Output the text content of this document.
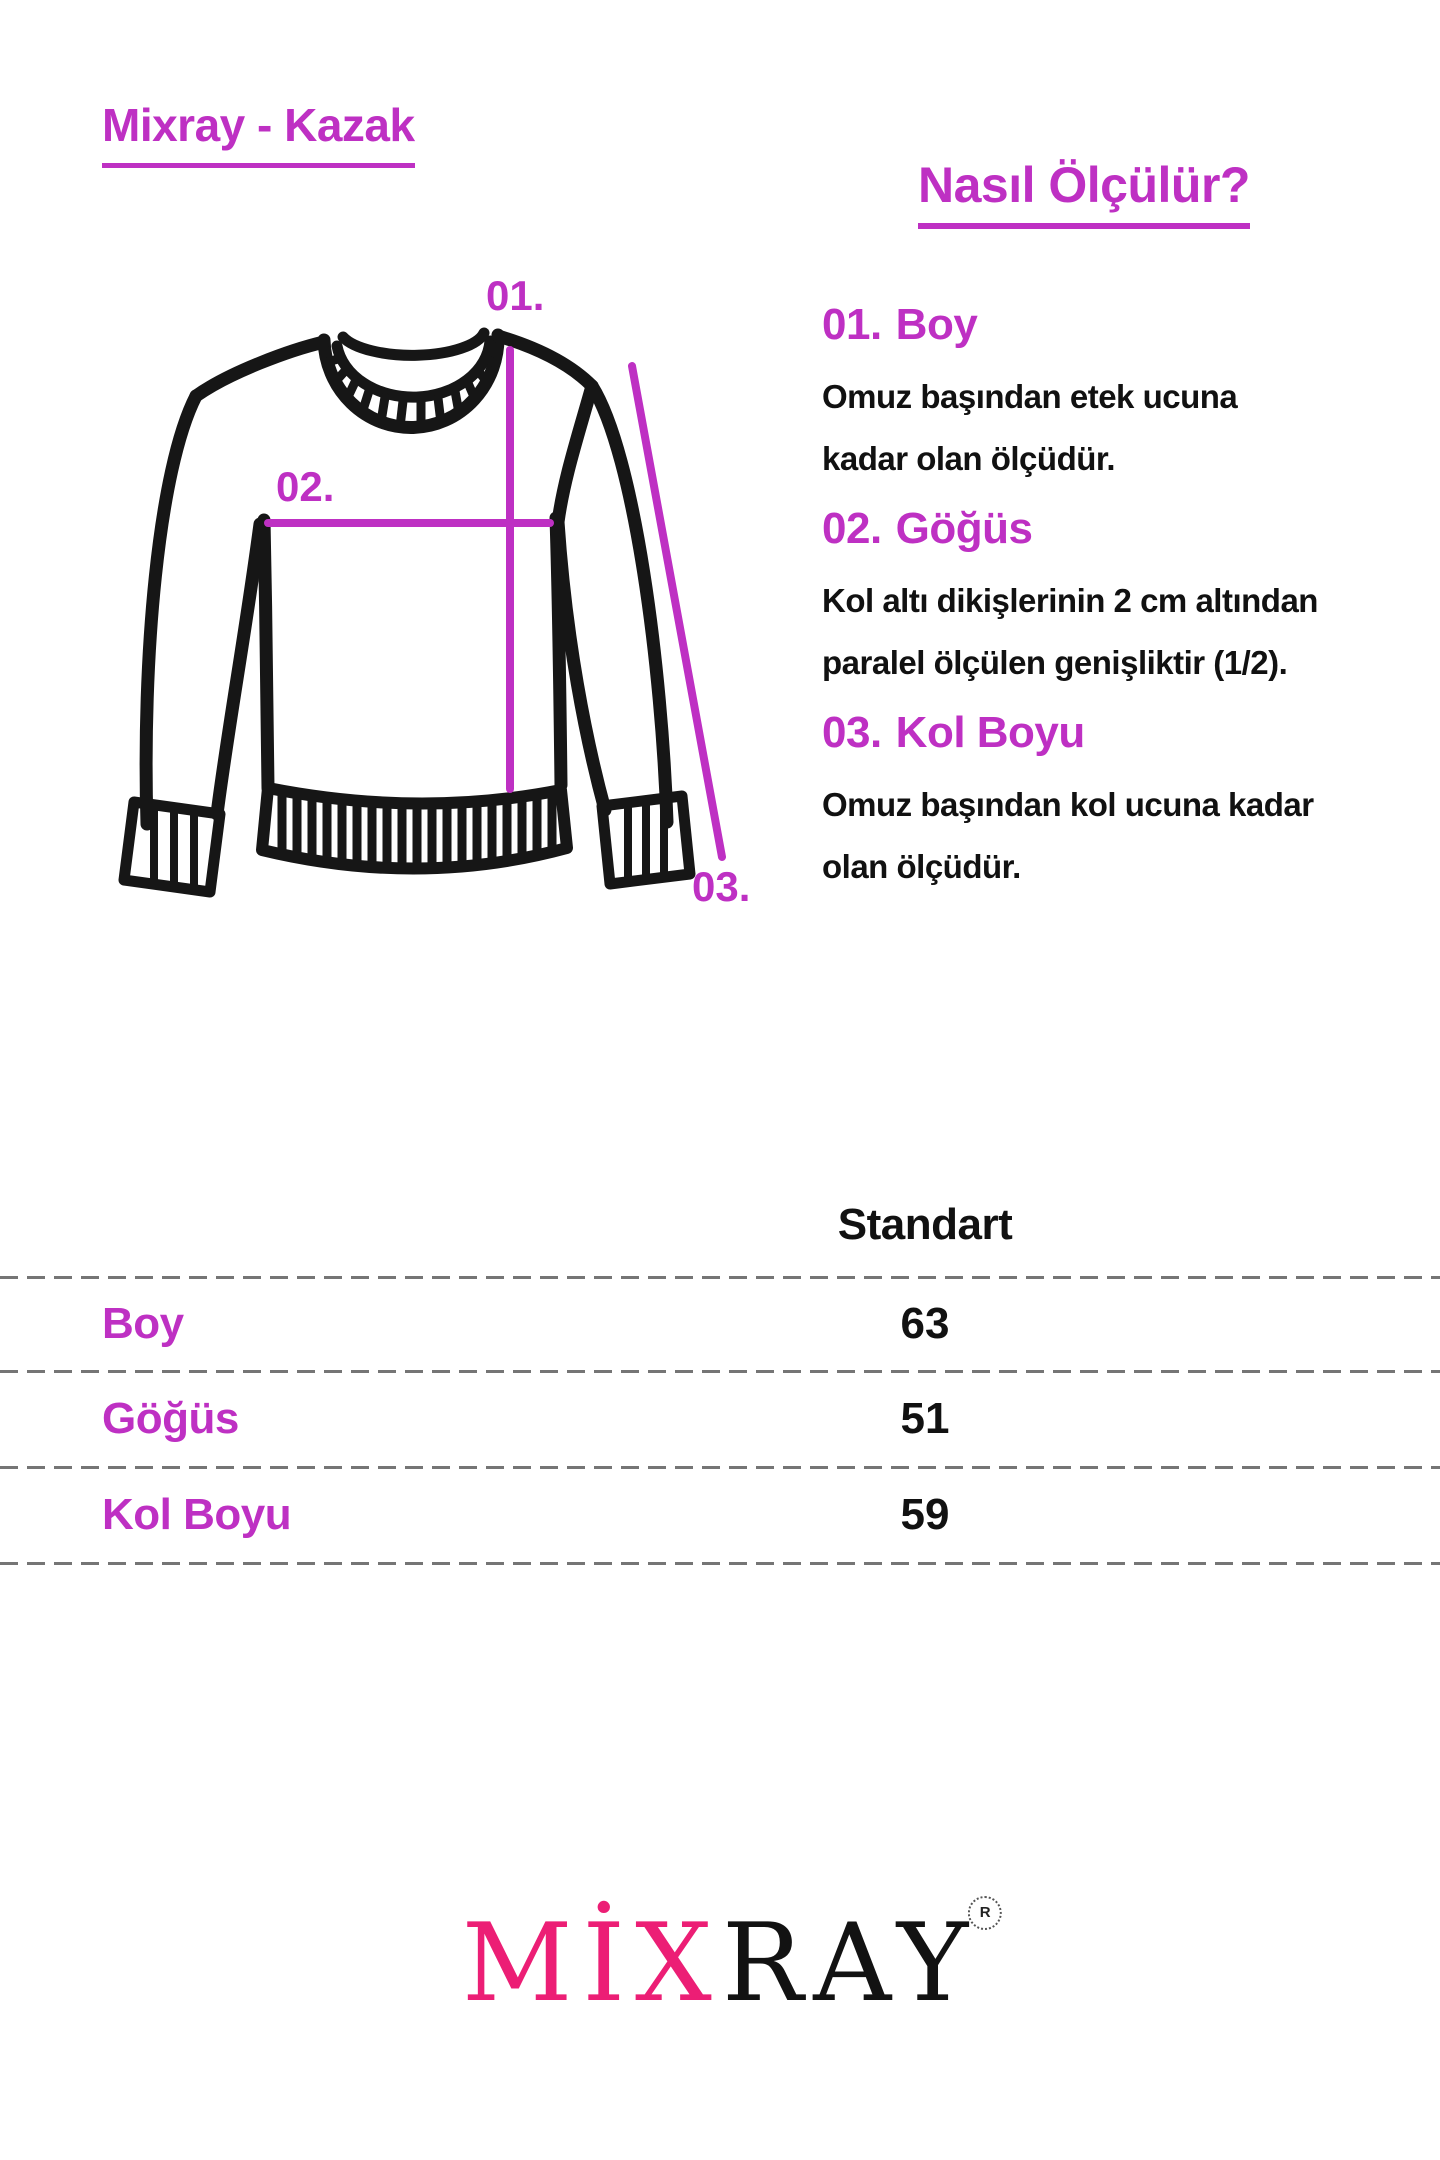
Mixray - Kazak
01.
02.
03.
Nasıl Ölçülür?
01. Boy
Omuz başından etek ucuna
kadar olan ölçüdür.
02. Göğüs
Kol altı dikişlerinin 2 cm altından
paralel ölçülen genişliktir (1/2).
03. Kol Boyu
Omuz başından kol ucuna kadar
olan ölçüdür.
Standart
Boy	63
Göğüs	51
Kol Boyu	59
MİXRAY R
